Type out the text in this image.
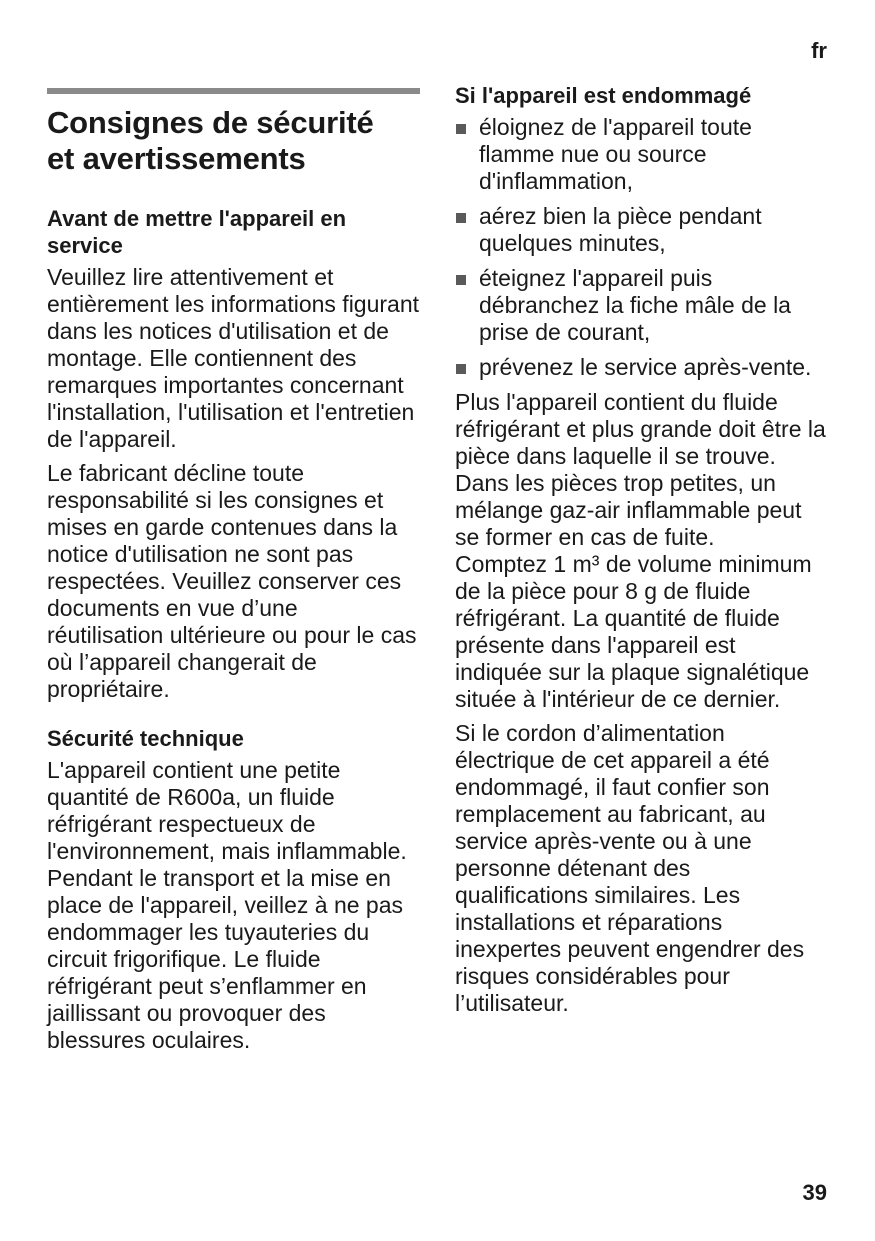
fr
Consignes de sécurité
et avertissements
Avant de mettre l'appareil en service

Veuillez lire attentivement et entièrement les informations figurant dans les notices d'utilisation et de montage. Elle contiennent des remarques importantes concernant l'installation, l'utilisation et l'entretien de l'appareil.

Le fabricant décline toute responsabilité si les consignes et mises en garde contenues dans la notice d'utilisation ne sont pas respectées. Veuillez conserver ces documents en vue d’une réutilisation ultérieure ou pour le cas où l’appareil changerait de propriétaire.

Sécurité technique

L'appareil contient une petite quantité de R600a, un fluide réfrigérant respectueux de l'environnement, mais inflammable. Pendant le transport et la mise en place de l'appareil, veillez à ne pas endommager les tuyauteries du circuit frigorifique. Le fluide réfrigérant peut s’enflammer en jaillissant ou provoquer des blessures oculaires.

Si l'appareil est endommagé
éloignez de l'appareil toute flamme nue ou source d'inflammation,
aérez bien la pièce pendant quelques minutes,
éteignez l'appareil puis débranchez la fiche mâle de la prise de courant,
prévenez le service après-vente.

Plus l'appareil contient du fluide réfrigérant et plus grande doit être la pièce dans laquelle il se trouve. Dans les pièces trop petites, un mélange gaz-air inflammable peut se former en cas de fuite.
Comptez 1 m³ de volume minimum de la pièce pour 8 g de fluide réfrigérant. La quantité de fluide présente dans l'appareil est indiquée sur la plaque signalétique située à l'intérieur de ce dernier.

Si le cordon d’alimentation électrique de cet appareil a été endommagé, il faut confier son remplacement au fabricant, au service après-vente ou à une personne détenant des qualifications similaires. Les installations et réparations inexpertes peuvent engendrer des risques considérables pour l’utilisateur.

39
